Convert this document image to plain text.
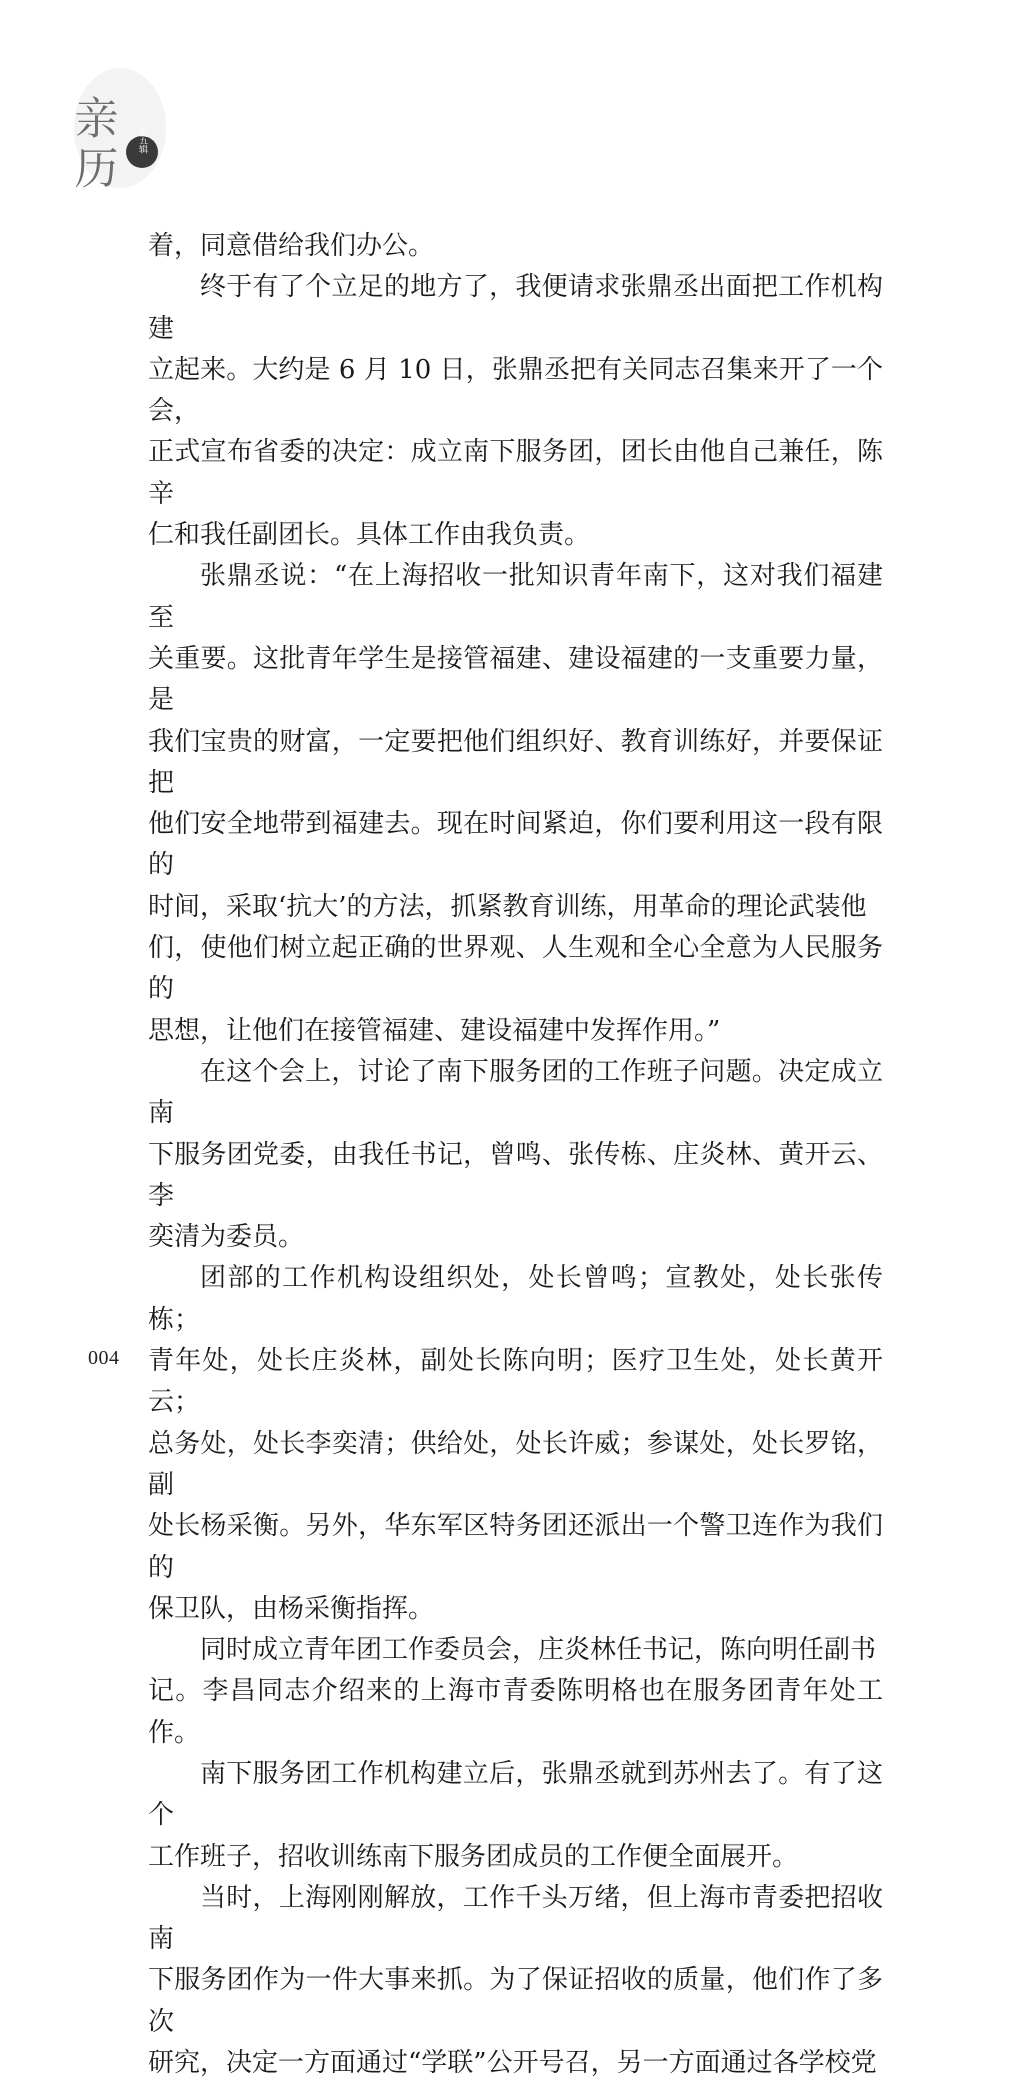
亲历 第五辑

着，同意借给我们办公。

终于有了个立足的地方了，我便请求张鼎丞出面把工作机构建
立起来。大约是 6 月 10 日，张鼎丞把有关同志召集来开了一个会，
正式宣布省委的决定：成立南下服务团，团长由他自己兼任，陈辛
仁和我任副团长。具体工作由我负责。

张鼎丞说：“在上海招收一批知识青年南下，这对我们福建至
关重要。这批青年学生是接管福建、建设福建的一支重要力量，是
我们宝贵的财富，一定要把他们组织好、教育训练好，并要保证把
他们安全地带到福建去。现在时间紧迫，你们要利用这一段有限的
时间，采取‘抗大’的方法，抓紧教育训练，用革命的理论武装他
们，使他们树立起正确的世界观、人生观和全心全意为人民服务的
思想，让他们在接管福建、建设福建中发挥作用。”

在这个会上，讨论了南下服务团的工作班子问题。决定成立南
下服务团党委，由我任书记，曾鸣、张传栋、庄炎林、黄开云、李
奕清为委员。

团部的工作机构设组织处，处长曾鸣；宣教处，处长张传栋；
青年处，处长庄炎林，副处长陈向明；医疗卫生处，处长黄开云；
总务处，处长李奕清；供给处，处长许威；参谋处，处长罗铭，副
处长杨采衡。另外，华东军区特务团还派出一个警卫连作为我们的
保卫队，由杨采衡指挥。

同时成立青年团工作委员会，庄炎林任书记，陈向明任副书
记。李昌同志介绍来的上海市青委陈明格也在服务团青年处工作。

南下服务团工作机构建立后，张鼎丞就到苏州去了。有了这个
工作班子，招收训练南下服务团成员的工作便全面展开。

当时，上海刚刚解放，工作千头万绪，但上海市青委把招收南
下服务团作为一件大事来抓。为了保证招收的质量，他们作了多次
研究，决定一方面通过“学联”公开号召，另一方面通过各学校党

004
